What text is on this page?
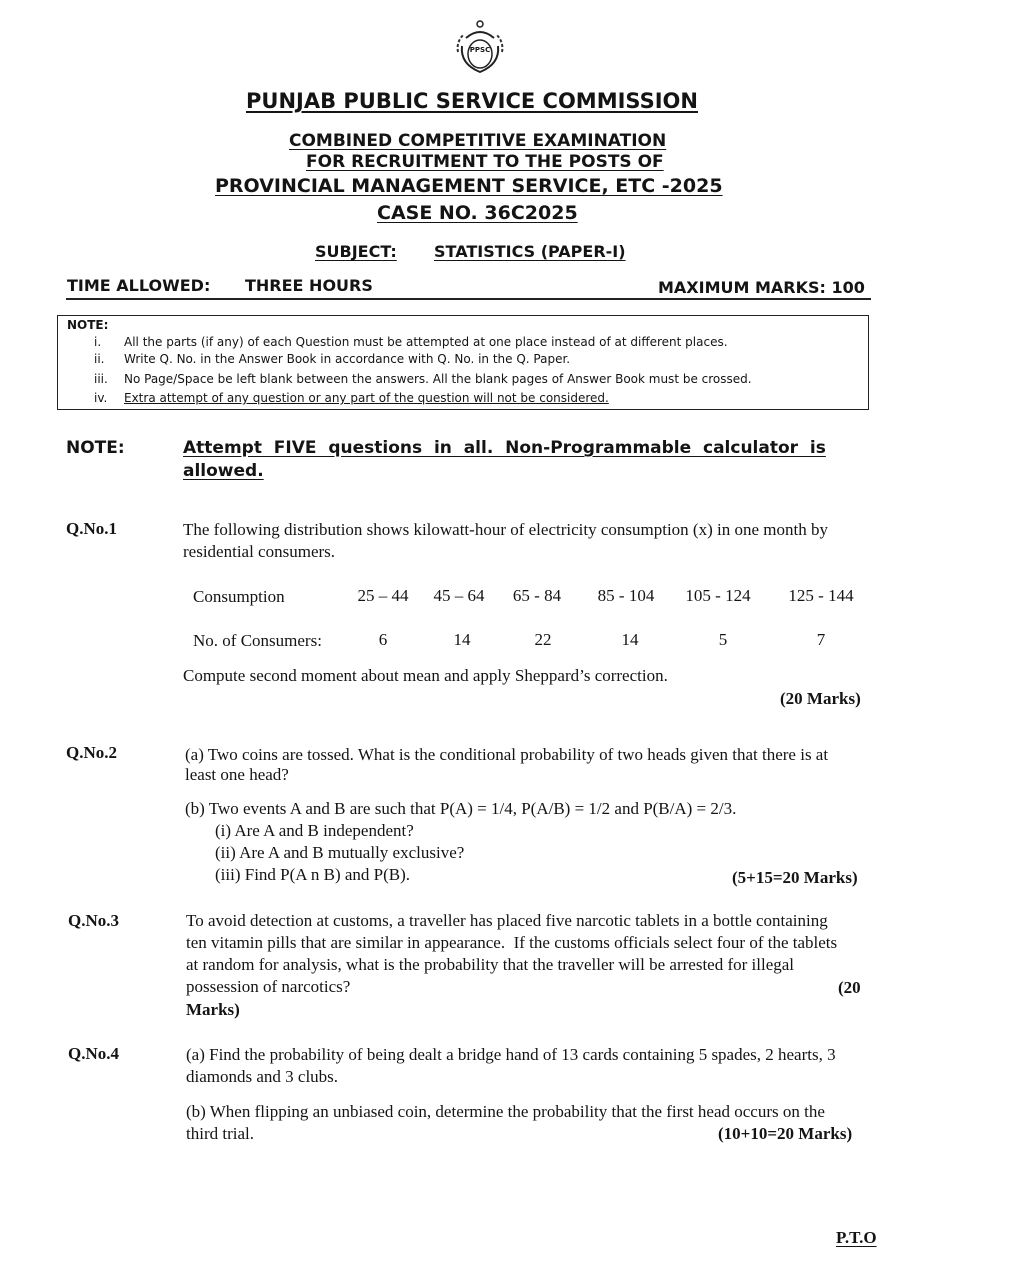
PPSC
PUNJAB PUBLIC SERVICE COMMISSION
COMBINED COMPETITIVE EXAMINATION
FOR RECRUITMENT TO THE POSTS OF
PROVINCIAL MANAGEMENT SERVICE, ETC -2025
CASE NO. 36C2025
SUBJECT: STATISTICS (PAPER-I)
TIME ALLOWED: THREE HOURS	MAXIMUM MARKS: 100
NOTE:
i. All the parts (if any) of each Question must be attempted at one place instead of at different places.
ii. Write Q. No. in the Answer Book in accordance with Q. No. in the Q. Paper.
iii. No Page/Space be left blank between the answers. All the blank pages of Answer Book must be crossed.
iv. Extra attempt of any question or any part of the question will not be considered.
NOTE:	Attempt  FIVE  questions  in  all.  Non-Programmable  calculator  is
allowed.
Q.No.1	The following distribution shows kilowatt-hour of electricity consumption (x) in one month by
residential consumers.
Consumption	25 – 44	45 – 64	65 - 84	85 - 104	105 - 124	125 - 144
No. of Consumers:	6	14	22	14	5	7
Compute second moment about mean and apply Sheppard’s correction.
(20 Marks)
Q.No.2	(a) Two coins are tossed. What is the conditional probability of two heads given that there is at
least one head?
(b) Two events A and B are such that P(A) = 1/4, P(A/B) = 1/2 and P(B/A) = 2/3.
(i) Are A and B independent?
(ii) Are A and B mutually exclusive?
(iii) Find P(A n B) and P(B).	(5+15=20 Marks)
Q.No.3	To avoid detection at customs, a traveller has placed five narcotic tablets in a bottle containing
ten vitamin pills that are similar in appearance.  If the customs officials select four of the tablets
at random for analysis, what is the probability that the traveller will be arrested for illegal
possession of narcotics?	(20
Marks)
Q.No.4	(a) Find the probability of being dealt a bridge hand of 13 cards containing 5 spades, 2 hearts, 3
diamonds and 3 clubs.
(b) When flipping an unbiased coin, determine the probability that the first head occurs on the
third trial.	(10+10=20 Marks)
P.T.O
